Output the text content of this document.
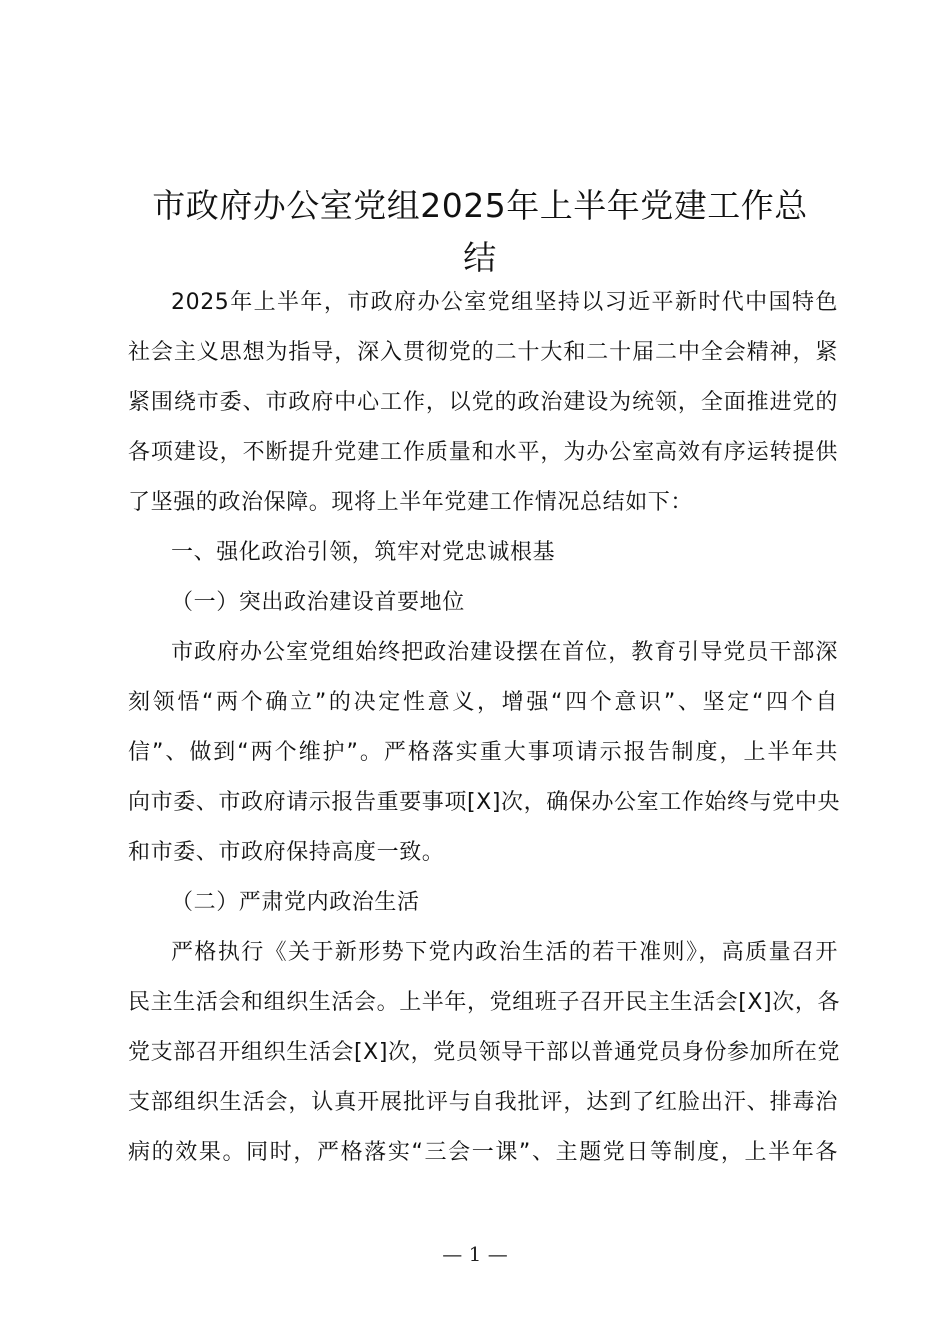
市政府办公室党组2025年上半年党建工作总
结
2025年上半年，市政府办公室党组坚持以习近平新时代中国特色
社会主义思想为指导，深入贯彻党的二十大和二十届二中全会精神，紧
紧围绕市委、市政府中心工作，以党的政治建设为统领，全面推进党的
各项建设，不断提升党建工作质量和水平，为办公室高效有序运转提供
了坚强的政治保障。现将上半年党建工作情况总结如下：
一、强化政治引领，筑牢对党忠诚根基
（一）突出政治建设首要地位
市政府办公室党组始终把政治建设摆在首位，教育引导党员干部深
刻领悟“两个确立”的决定性意义，增强“四个意识”、坚定“四个自
信”、做到“两个维护”。严格落实重大事项请示报告制度，上半年共
向市委、市政府请示报告重要事项[X]次，确保办公室工作始终与党中央
和市委、市政府保持高度一致。
（二）严肃党内政治生活
严格执行《关于新形势下党内政治生活的若干准则》，高质量召开
民主生活会和组织生活会。上半年，党组班子召开民主生活会[X]次，各
党支部召开组织生活会[X]次，党员领导干部以普通党员身份参加所在党
支部组织生活会，认真开展批评与自我批评，达到了红脸出汗、排毒治
病的效果。同时，严格落实“三会一课”、主题党日等制度，上半年各
— 1 —
